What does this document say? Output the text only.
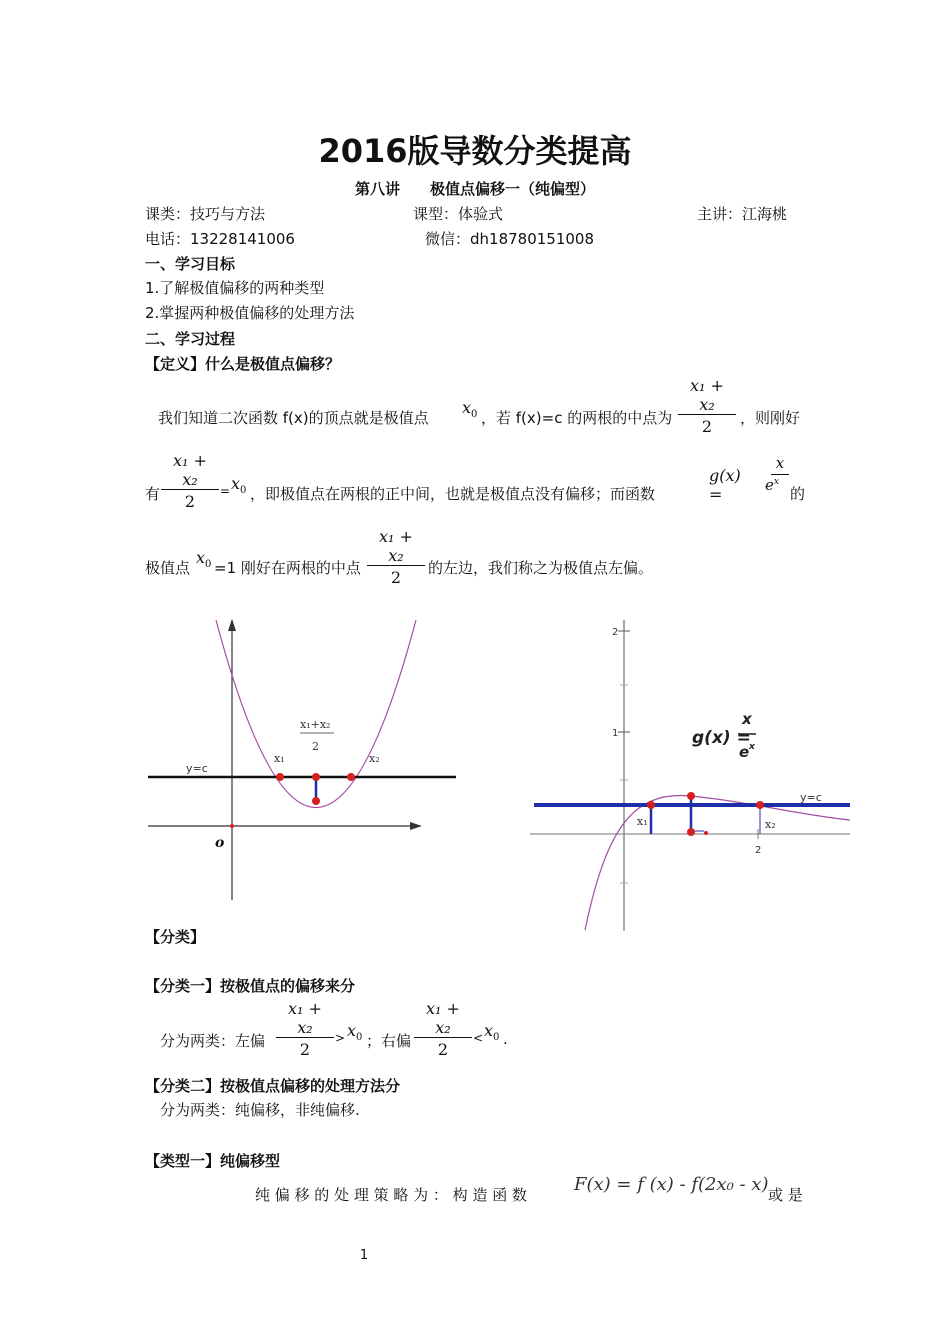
2016版导数分类提高
第八讲　　极值点偏移一（纯偏型）
课类：技巧与方法	课型：体验式	主讲：江海桃
电话：13228141006	微信：dh18780151008
一、学习目标
1.了解极值偏移的两种类型
2.掌握两种极值偏移的处理方法
二、学习过程
【定义】什么是极值点偏移？
我们知道二次函数 f(x)的顶点就是极值点
$x_0$ ，若 f(x)=c 的两根的中点为 $\frac{\text{x₁ + x₂}}{2}$ ，则刚好
$\frac{\text{x₁ + x₂}}{2}$
有	= $x_0$ ，即极值点在两根的正中间，也就是极值点没有偏移；而函数
g(x) =
x
$e^x$
的
极值点
$x_0 =1$ 刚好在两根的中点 $\frac{\text{x₁ + x₂}}{2}$ 的左边，我们称之为极值点左偏。
y=c
x₁	x₂
x₁+x₂
2
o
2
1
2
y=c
x₁	x₂
g(x) =
x
e x
【分类】
【分类一】按极值点的偏移来分
$\frac{\text{x₁ + x₂}}{2}$
分为两类：左偏	> $x_0$ ；右偏 $\frac{\text{x₁ + x₂}}{2} < x_0$ .
【分类二】按极值点偏移的处理方法分
分为两类：纯偏移，非纯偏移.
【类型一】纯偏移型
纯 偏 移 的 处 理 策 略 为 ： 构 造 函 数	F(x) = f (x) - f(2x₀ - x) 或 是
1
